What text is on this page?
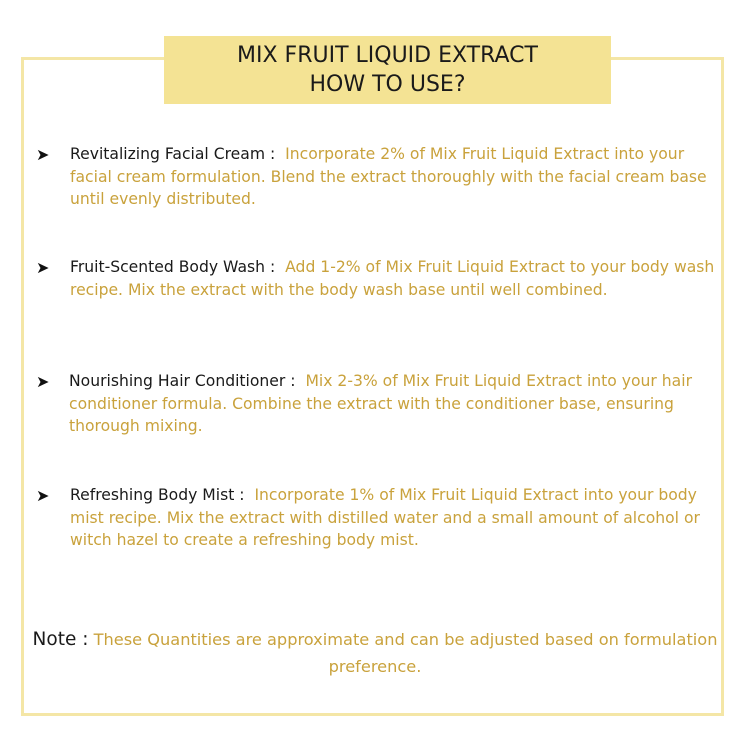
MIX FRUIT LIQUID EXTRACT
HOW TO USE?
➤ Revitalizing Facial Cream : Incorporate 2% of Mix Fruit Liquid Extract into your facial cream formulation. Blend the extract thoroughly with the facial cream base until evenly distributed.
➤ Fruit-Scented Body Wash : Add 1-2% of Mix Fruit Liquid Extract to your body wash recipe. Mix the extract with the body wash base until well combined.
➤ Nourishing Hair Conditioner : Mix 2-3% of Mix Fruit Liquid Extract into your hair conditioner formula. Combine the extract with the conditioner base, ensuring thorough mixing.
➤ Refreshing Body Mist : Incorporate 1% of Mix Fruit Liquid Extract into your body mist recipe. Mix the extract with distilled water and a small amount of alcohol or witch hazel to create a refreshing body mist.
Note : These Quantities are approximate and can be adjusted based on formulation preference.
